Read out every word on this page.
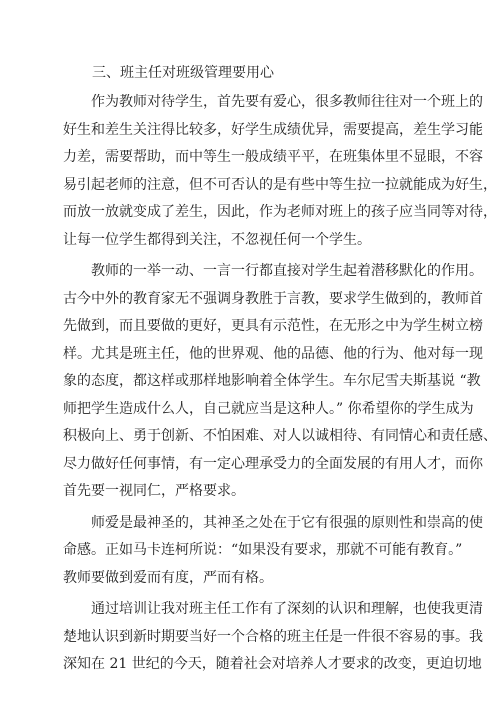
三、班主任对班级管理要用心

作为教师对待学生，首先要有爱心，很多教师往往对一个班上的
好生和差生关注得比较多，好学生成绩优异，需要提高，差生学习能
力差，需要帮助，而中等生一般成绩平平，在班集体里不显眼，不容
易引起老师的注意，但不可否认的是有些中等生拉一拉就能成为好生，
而放一放就变成了差生，因此，作为老师对班上的孩子应当同等对待，
让每一位学生都得到关注，不忽视任何一个学生。
教师的一举一动、一言一行都直接对学生起着潜移默化的作用。
古今中外的教育家无不强调身教胜于言教，要求学生做到的，教师首
先做到，而且要做的更好，更具有示范性，在无形之中为学生树立榜
样。尤其是班主任，他的世界观、他的品德、他的行为、他对每一现
象的态度，都这样或那样地影响着全体学生。车尔尼雪夫斯基说 “教
师把学生造成什么人，自己就应当是这种人。” 你希望你的学生成为
积极向上、勇于创新、不怕困难、对人以诚相待、有同情心和责任感、
尽力做好任何事情，有一定心理承受力的全面发展的有用人才，而你
首先要一视同仁，严格要求。
师爱是最神圣的，其神圣之处在于它有很强的原则性和崇高的使
命感。正如马卡连柯所说：“如果没有要求，那就不可能有教育。”
教师要做到爱而有度，严而有格。
通过培训让我对班主任工作有了深刻的认识和理解，也使我更清
楚地认识到新时期要当好一个合格的班主任是一件很不容易的事。我
深知在 21 世纪的今天，随着社会对培养人才要求的改变，更迫切地
